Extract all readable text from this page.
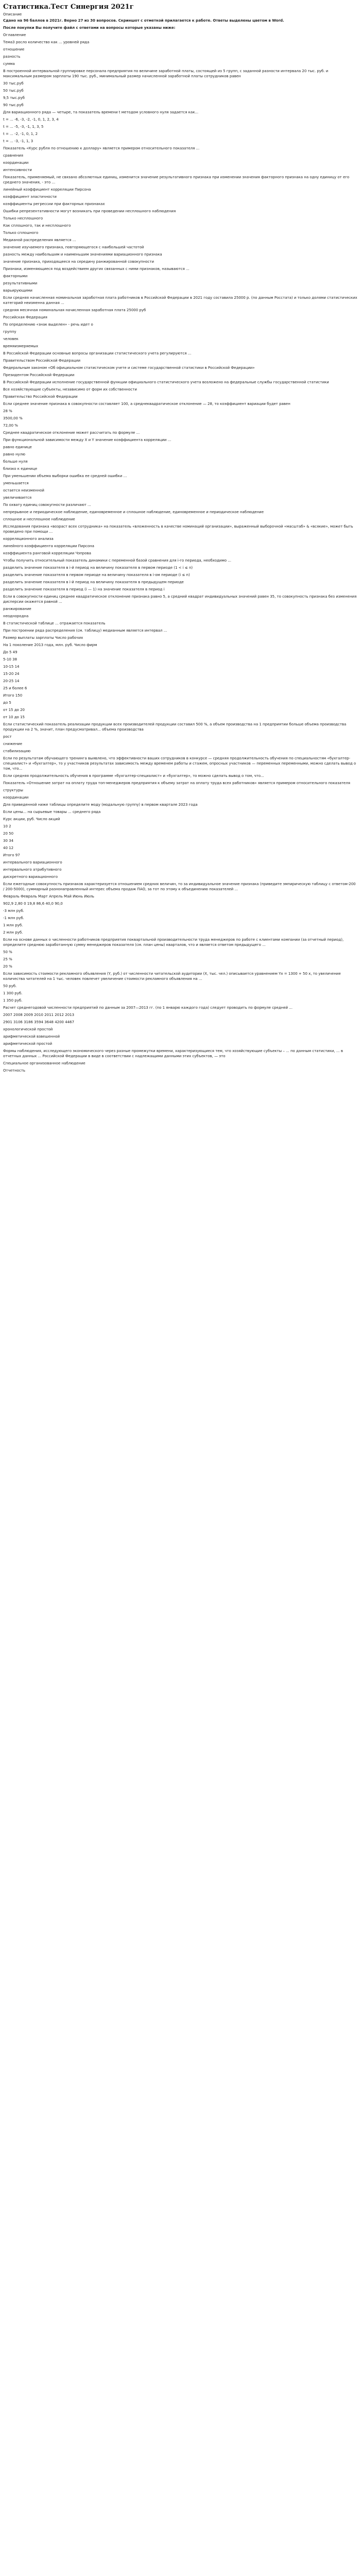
Статистика.Тест Синергия 2021г

Описание

Сдано на 96 баллов в 2021г. Верно 27 из 30 вопросов. Скриншот с отметкой прилагается к работе. Ответы выделены цветом в Word.

После покупки Вы получите файл с ответами на вопросы которые указаны ниже:

Оглавление

Тема3 росло количество как ... уровней ряда

отношение

разность

сумма

В построенной интервальной группировке персонала предприятия по величине заработной платы, состоящей из 5 групп, с заданной разности интервала 20 тыс. руб. и максимальным размером зарплаты 190 тыс. руб., минимальный размер начисленной заработной платы сотрудников равен

30 тыс.руб

50 тыс.руб

9,5 тыс.руб

90 тыс.руб

Для вариационного ряда — четыре, та показатель времени t методом условного нуля задается как...

t = ... -6, -3, -2, -1, 0, 1, 2, 3, 4

t = ... -5, -3, -1, 1, 3, 5

t = ... -2, -1, 0, 1, 2

t = ... -3, -1, 1, 3

Показатель «Курс рубля по отношению к доллару» является примером относительного показателя ...

сравнения

координации

интенсивности

Показатель, применяемый, не связано абсолютных единиц, изменится значение результативного признака при изменении значения факторного признака на одну единицу от его среднего значения, - это ...

линейный коэффициент корреляции Пирсона

коэффициент эластичности

коэффициенты регрессии при факторных признаках

Ошибки репрезентативности могут возникать при проведении несплошного наблюдения

Только несплошного

Как сплошного, так и несплошного

Только сплошного

Медианой распределения является ...

значение изучаемого признака, повторяющегося с наибольшей частотой

разность между наибольшим и наименьшим значениями вариационного признака

значение признака, приходящееся на середину ранжированной совокупности

Признаки, изменяющиеся под воздействием других связанных с ними признаков, называются ...

факторными

результативными

варьирующими

Если средняя начисленная номинальная заработная плата работников в Российской Федерации в 2021 году составила 25000 р. (по данным Росстата) и только долями статистических категорий неизменна данная ...

средняя месячная номинальная начисленная заработная плата 25000 руб

Российская Федерация

По определению «знак выделен» - речь идет о

группу

человек

времяизмеряемых

В Российской Федерации основные вопросы организации статистического учета регулируются ...

Правительством Российской Федерации

Федеральным законом «Об официальном статистическом учете и системе государственной статистики в Российской Федерации»

Президентом Российской Федерации

В Российской Федерации исполнение государственной функции официального статистического учета возложено на федеральные службы государственной статистики

Все хозяйствующие субъекты, независимо от форм их собственности

Правительство Российской Федерации

Если среднее значение признака в совокупности составляет 100, а среднеквадратическое отклонение — 28, то коэффициент вариации будет равен

28 %

3500,00 %

72,00 %

Среднее квадратическое отклонение может рассчитать по формуле ...

При функциональной зависимости между X и Y значение коэффициента корреляции ...

равно единице

равно нулю

больше нуля

близко к единице

При уменьшении объема выборки ошибка ее средней ошибки ...

уменьшается

остается неизменной

увеличивается

По охвату единиц совокупности различают ...

непрерывное и периодическое наблюдение, единовременное и сплошное наблюдение, единовременное и периодическое наблюдение

сплошное и несплошное наблюдение

Исследования признака «возраст всех сотрудника» на показатель «вложенность в качестве номинаций организации», выраженный выборочной «масштаб» & «всякие», может быть проведено при помощи ...

корреляционного анализа

линейного коэффициента корреляции Пирсона

коэффициента ранговой корреляции Чэпрова

Чтобы получить относительный показатель динамики с переменной базой сравнения для i-го периода, необходимо ...

разделить значение показателя в i-й период на величину показателя в первом периоде (1 < i ≤ n)

разделить значение показателя в первом периоде на величину показателя в i-ом периоде (i ≤ n)

разделить значение показателя в i-й период на величину показателя в предыдущем периоде

разделить значение показателя в период (i — 1) на значение показателя в период i

Если в совокупности единиц среднее квадратическое отклонение признака равно 5, а средний квадрат индивидуальных значений равен 35, то совокупность признака без изменения дисперсии окажется равной ...

ранжирование

неоднородна

В статистической таблице ... отражается показатель

При построении ряда распределения (см. таблицу) медианным является интервал ...

Размер выплаты зарплаты Число рабочих

На 1 поколение 2013 года, млн. руб. Число фирм

До 5 49

5-10 38

10-15 14

15-20 24

20-25 14

25 и более 6

Итого 150

до 5

от 15 до 20

от 10 до 15

Если статистический показатель реализации продукции всех производителей продукции составил 500 %, а объем производства на 1 предприятии больше объема производства продукции на 2 %, значит, план предусматривал... объема производства

рост

снижение

стабилизацию

Если по результатам обучающего тренинга выявлено, что эффективности ваших сотрудников в конкурсе — средняя продолжительность обучения по специальностям «бухгалтер-специалист» и «бухгалтер», то у участников результатах зависимость между временем работы и стажем, опросных участников — переменных переменными, можно сделать вывод о том, что...

Если средняя продолжительность обучения в программе «бухгалтер-специалист» и «бухгалтер», то можно сделать вывод о том, что...

Показатель «Отношение затрат на оплату труда топ-менеджеров предприятия к объему затрат на оплату труда всех работников» является примером относительного показателя

структуры

координации

Для приведенной ниже таблицы определите моду (модальную группу) в первом квартале 2023 года

Если цены... на сырьевые товары ... среднего ряда

Курс акции, руб. Число акций

10 2

20 50

30 34

40 12

Итого 97

интервального вариационного

интервального атрибутивного

дискретного вариационного

Если ежегодные совокупность признаков характеризуется отношением средних величин, то за индивидуальное значение признака (приведите эмпирическую таблицу с ответом-200 / 200-5000), суммарный разнонаправленный интерес объема продаж ПАО, за тот по этому к объединению показателей ...

Февраль Февраль Март Апрель Май Июнь Июль

902,9 2,80 0 19,8 86,6 40,0 90,0

-3 млн руб.

-1 млн руб.

1 млн руб.

2 млн руб.

Если на основе данных о численности работников предприятия поквартальной производительности труда менеджеров по работе с клиентами компании (за отчетный период), определите среднюю заработанную сумму менеджеров показателя (см. план цены) кварталов, что и является ответом предыдущего ...

50 %

25 %

20 %

Если зависимость стоимости рекламного объявления (Y, руб.) от численности читательской аудитории (X, тыс. чел.) описывается уравнением Yx = 1300 + 50 x, то увеличение количества читателей на 1 тыс. человек повлечет увеличение стоимости рекламного объявления на ...

50 руб.

1 300 руб.

1 350 руб.

Расчет среднегодовой численности предприятий по данным за 2007—2013 гг. (по 1 январю каждого года) следует проводить по формуле средней ...

2007 2008 2009 2010 2011 2012 2013

2901 3106 3186 3594 3648 4200 4467

хронологической простой

арифметической взвешенной

арифметической простой

Формы наблюдения, исследующего экономического через разные промежутки времени, характеризующиеся тем, что хозяйствующие субъекты – ... по данным статистики, ... в отчетных данных ... Российской Федерации в виде в соответствии с надлежащими данными этих субъектов, — это

Специальное организованное наблюдение

Отчетность
